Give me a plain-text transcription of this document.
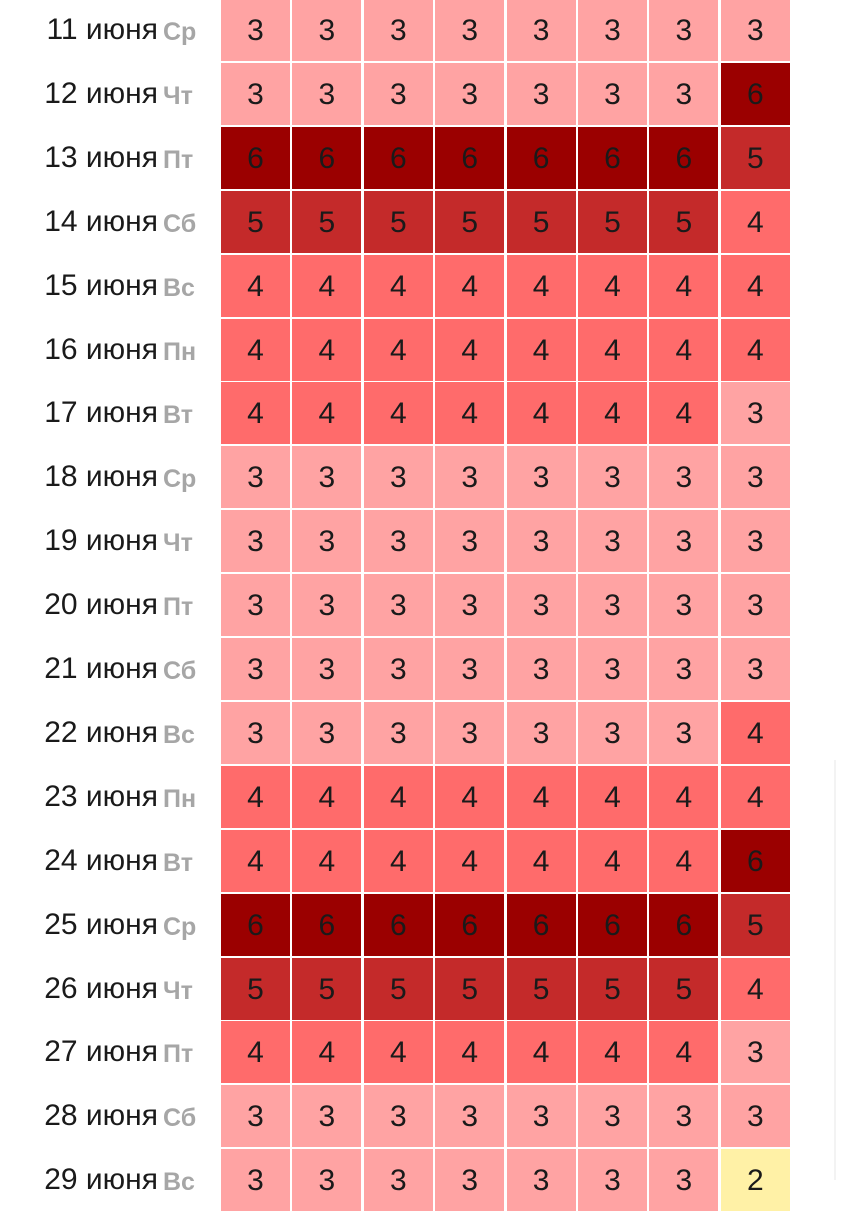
11 июня Ср	3	3	3	3	3	3	3	3
12 июня Чт	3	3	3	3	3	3	3	6
13 июня Пт	6	6	6	6	6	6	6	5
14 июня Сб	5	5	5	5	5	5	5	4
15 июня Вс	4	4	4	4	4	4	4	4
16 июня Пн	4	4	4	4	4	4	4	4
17 июня Вт	4	4	4	4	4	4	4	3
18 июня Ср	3	3	3	3	3	3	3	3
19 июня Чт	3	3	3	3	3	3	3	3
20 июня Пт	3	3	3	3	3	3	3	3
21 июня Сб	3	3	3	3	3	3	3	3
22 июня Вс	3	3	3	3	3	3	3	4
23 июня Пн	4	4	4	4	4	4	4	4
24 июня Вт	4	4	4	4	4	4	4	6
25 июня Ср	6	6	6	6	6	6	6	5
26 июня Чт	5	5	5	5	5	5	5	4
27 июня Пт	4	4	4	4	4	4	4	3
28 июня Сб	3	3	3	3	3	3	3	3
29 июня Вс	3	3	3	3	3	3	3	2
